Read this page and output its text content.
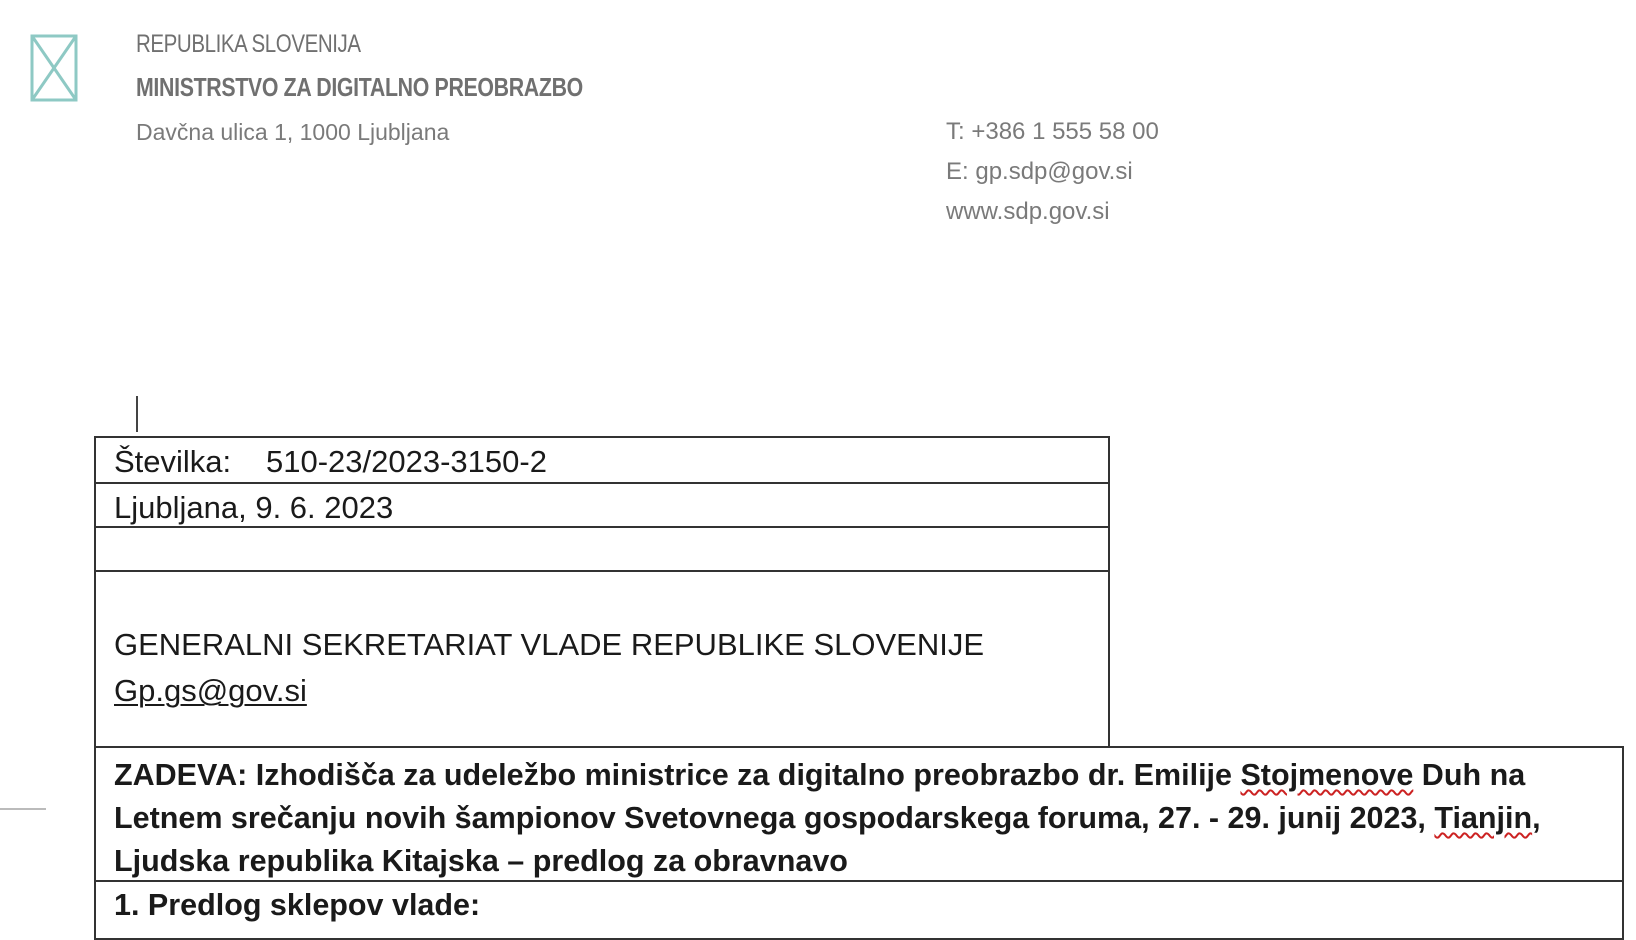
REPUBLIKA SLOVENIJA
MINISTRSTVO ZA DIGITALNO PREOBRAZBO
Davčna ulica 1, 1000 Ljubljana	T: +386 1 555 58 00
E: gp.sdp@gov.si
www.sdp.gov.si
Številka: 510-23/2023-3150-2
Ljubljana, 9. 6. 2023
GENERALNI SEKRETARIAT VLADE REPUBLIKE SLOVENIJE
Gp.gs@gov.si
ZADEVA: Izhodišča za udeležbo ministrice za digitalno preobrazbo dr. Emilije Stojmenove Duh na Letnem srečanju novih šampionov Svetovnega gospodarskega foruma, 27. - 29. junij 2023, Tianjin, Ljudska republika Kitajska – predlog za obravnavo
1. Predlog sklepov vlade:
